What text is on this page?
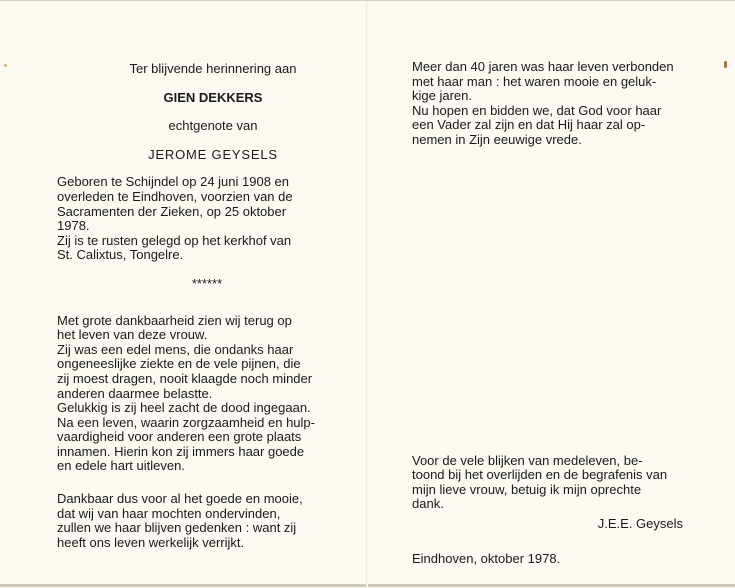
Ter blijvende herinnering aan

GIEN DEKKERS

echtgenote van

JEROME GEYSELS

Geboren te Schijndel op 24 juni 1908 en
overleden te Eindhoven, voorzien van de
Sacramenten der Zieken, op 25 oktober
1978.
Zij is te rusten gelegd op het kerkhof van
St. Calixtus, Tongelre.

******

Met grote dankbaarheid zien wij terug op
het leven van deze vrouw.
Zij was een edel mens, die ondanks haar
ongeneeslijke ziekte en de vele pijnen, die
zij moest dragen, nooit klaagde noch minder
anderen daarmee belastte.
Gelukkig is zij heel zacht de dood ingegaan.
Na een leven, waarin zorgzaamheid en hulp-
vaardigheid voor anderen een grote plaats
innamen. Hierin kon zij immers haar goede
en edele hart uitleven.
Dankbaar dus voor al het goede en mooie,
dat wij van haar mochten ondervinden,
zullen we haar blijven gedenken : want zij
heeft ons leven werkelijk verrijkt.
Meer dan 40 jaren was haar leven verbonden
met haar man : het waren mooie en geluk-
kige jaren.
Nu hopen en bidden we, dat God voor haar
een Vader zal zijn en dat Hij haar zal op-
nemen in Zijn eeuwige vrede.
Voor de vele blijken van medeleven, be-
toond bij het overlijden en de begrafenis van
mijn lieve vrouw, betuig ik mijn oprechte
dank.

J.E.E. Geysels

Eindhoven, oktober 1978.
